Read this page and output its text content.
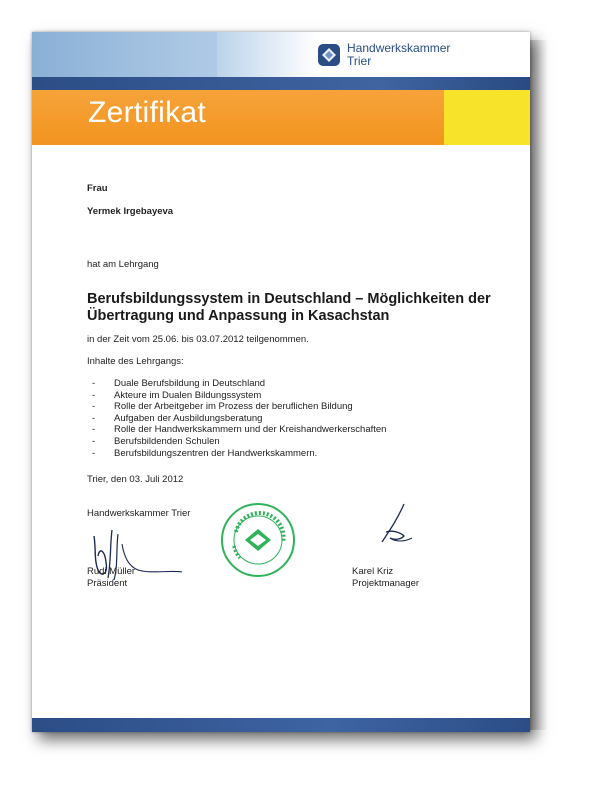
Handwerkskammer
Trier
Zertifikat
Frau
Yermek Irgebayeva
hat am Lehrgang
Berufsbildungssystem in Deutschland – Möglichkeiten der
Übertragung und Anpassung in Kasachstan
in der Zeit vom 25.06. bis 03.07.2012 teilgenommen.
Inhalte des Lehrgangs:
- Duale Berufsbildung in Deutschland
- Akteure im Dualen Bildungssystem
- Rolle der Arbeitgeber im Prozess der beruflichen Bildung
- Aufgaben der Ausbildungsberatung
- Rolle der Handwerkskammern und der Kreishandwerkerschaften
- Berufsbildenden Schulen
- Berufsbildungszentren der Handwerkskammern.
Trier, den 03. Juli 2012
Handwerkskammer Trier
Rudi Müller
Präsident
Karel Kriz
Projektmanager
